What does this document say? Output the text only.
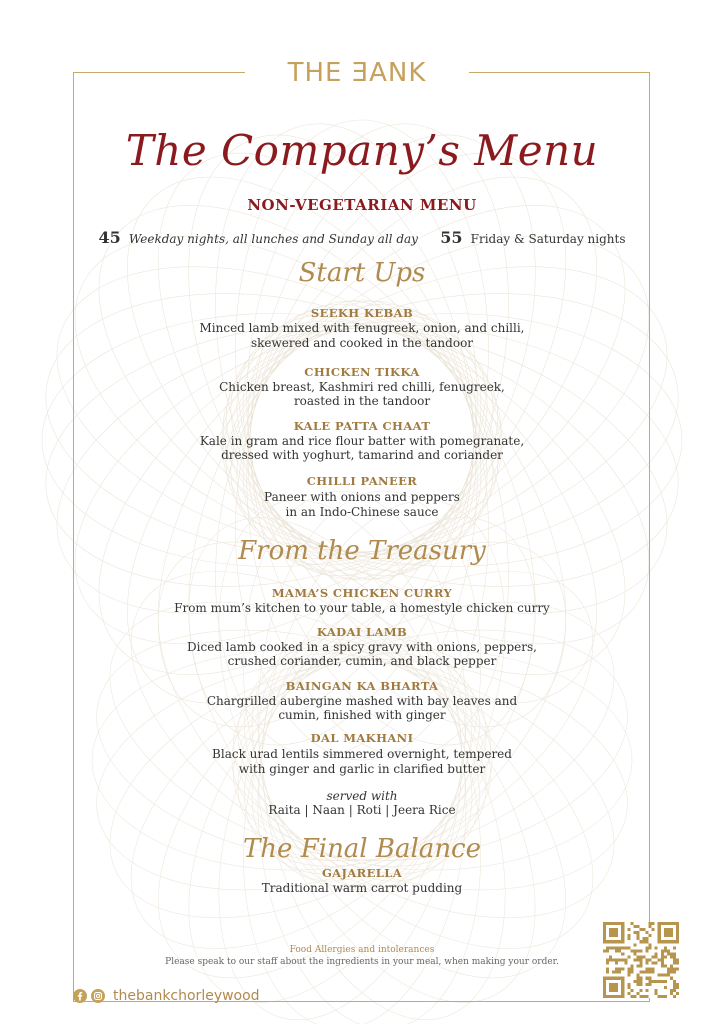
THE ƎANK
The Company’s Menu
NON-VEGETARIAN MENU
45 Weekday nights, all lunches and Sunday all day 55 Friday & Saturday nights
Start Ups
SEEKH KEBAB
Minced lamb mixed with fenugreek, onion, and chilli,
skewered and cooked in the tandoor
CHICKEN TIKKA
Chicken breast, Kashmiri red chilli, fenugreek,
roasted in the tandoor
KALE PATTA CHAAT
Kale in gram and rice flour batter with pomegranate,
dressed with yoghurt, tamarind and coriander
CHILLI PANEER
Paneer with onions and peppers
in an Indo-Chinese sauce
From the Treasury
MAMA’S CHICKEN CURRY
From mum’s kitchen to your table, a homestyle chicken curry
KADAI LAMB
Diced lamb cooked in a spicy gravy with onions, peppers,
crushed coriander, cumin, and black pepper
BAINGAN KA BHARTA
Chargrilled aubergine mashed with bay leaves and
cumin, finished with ginger
DAL MAKHANI
Black urad lentils simmered overnight, tempered
with ginger and garlic in clarified butter
served with
Raita | Naan | Roti | Jeera Rice
The Final Balance
GAJARELLA
Traditional warm carrot pudding
Food Allergies and intolerances
Please speak to our staff about the ingredients in your meal, when making your order.
thebankchorleywood
